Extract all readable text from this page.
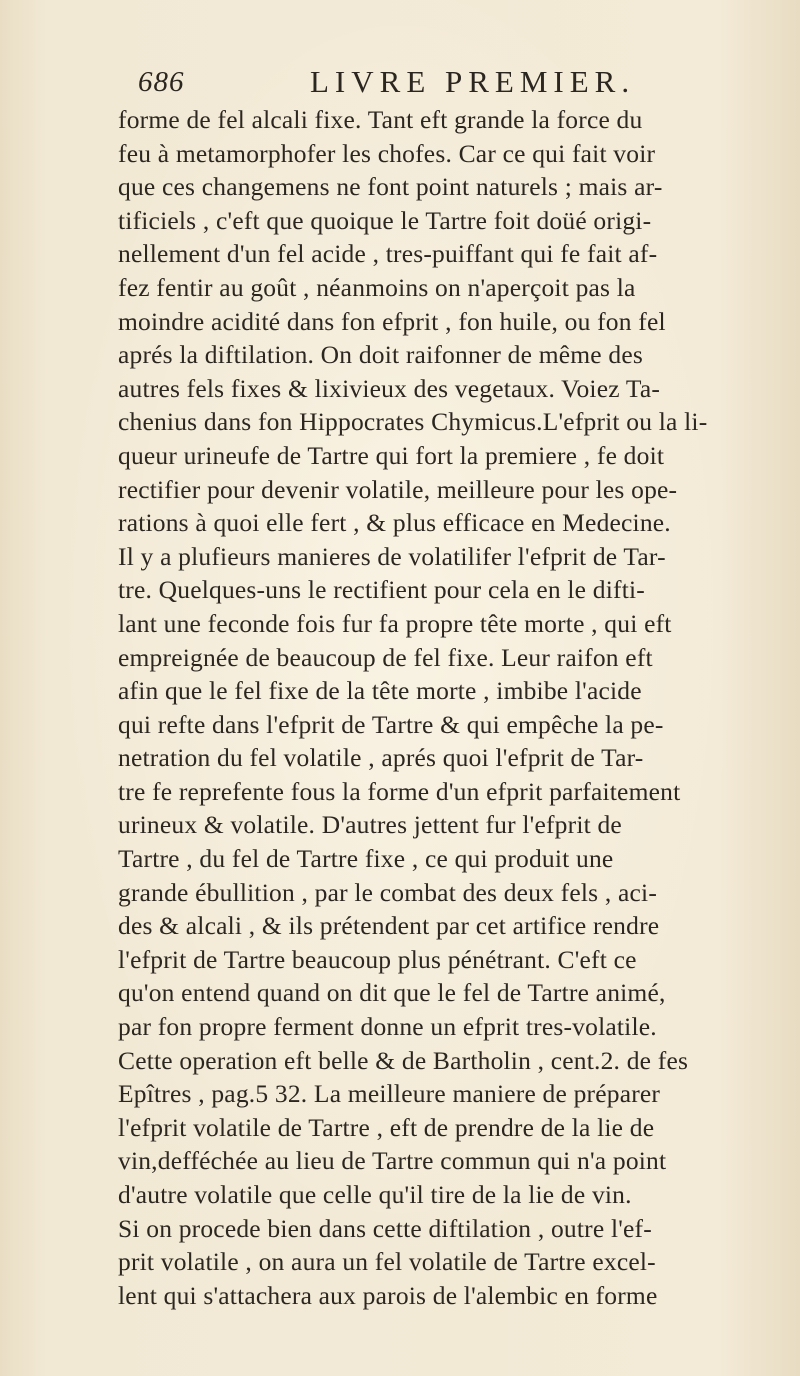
686	LIVRE PREMIER.
forme de fel alcali fixe. Tant eft grande la force du
feu à metamorphofer les chofes. Car ce qui fait voir
que ces changemens ne font point naturels ; mais ar-
tificiels , c'eft que quoique le Tartre foit doüé origi-
nellement d'un fel acide , tres-puiffant qui fe fait af-
fez fentir au goût , néanmoins on n'aperçoit pas la
moindre acidité dans fon efprit , fon huile, ou fon fel
aprés la diftilation. On doit raifonner de même des
autres fels fixes & lixivieux des vegetaux. Voiez Ta-
chenius dans fon Hippocrates Chymicus.L'efprit ou la li-
queur urineufe de Tartre qui fort la premiere , fe doit
rectifier pour devenir volatile, meilleure pour les ope-
rations à quoi elle fert , & plus efficace en Medecine.
Il y a plufieurs manieres de volatilifer l'efprit de Tar-
tre. Quelques-uns le rectifient pour cela en le difti-
lant une feconde fois fur fa propre tête morte , qui eft
empreignée de beaucoup de fel fixe. Leur raifon eft
afin que le fel fixe de la tête morte , imbibe l'acide
qui refte dans l'efprit de Tartre & qui empêche la pe-
netration du fel volatile , aprés quoi l'efprit de Tar-
tre fe reprefente fous la forme d'un efprit parfaitement
urineux & volatile. D'autres jettent fur l'efprit de
Tartre , du fel de Tartre fixe , ce qui produit une
grande ébullition , par le combat des deux fels , aci-
des & alcali , & ils prétendent par cet artifice rendre
l'efprit de Tartre beaucoup plus pénétrant. C'eft ce
qu'on entend quand on dit que le fel de Tartre animé,
par fon propre ferment donne un efprit tres-volatile.
Cette operation eft belle & de Bartholin , cent.2. de fes
Epîtres , pag.5 32. La meilleure maniere de préparer
l'efprit volatile de Tartre , eft de prendre de la lie de
vin,defféchée au lieu de Tartre commun qui n'a point
d'autre volatile que celle qu'il tire de la lie de vin.
Si on procede bien dans cette diftilation , outre l'ef-
prit volatile , on aura un fel volatile de Tartre excel-
lent qui s'attachera aux parois de l'alembic en forme
